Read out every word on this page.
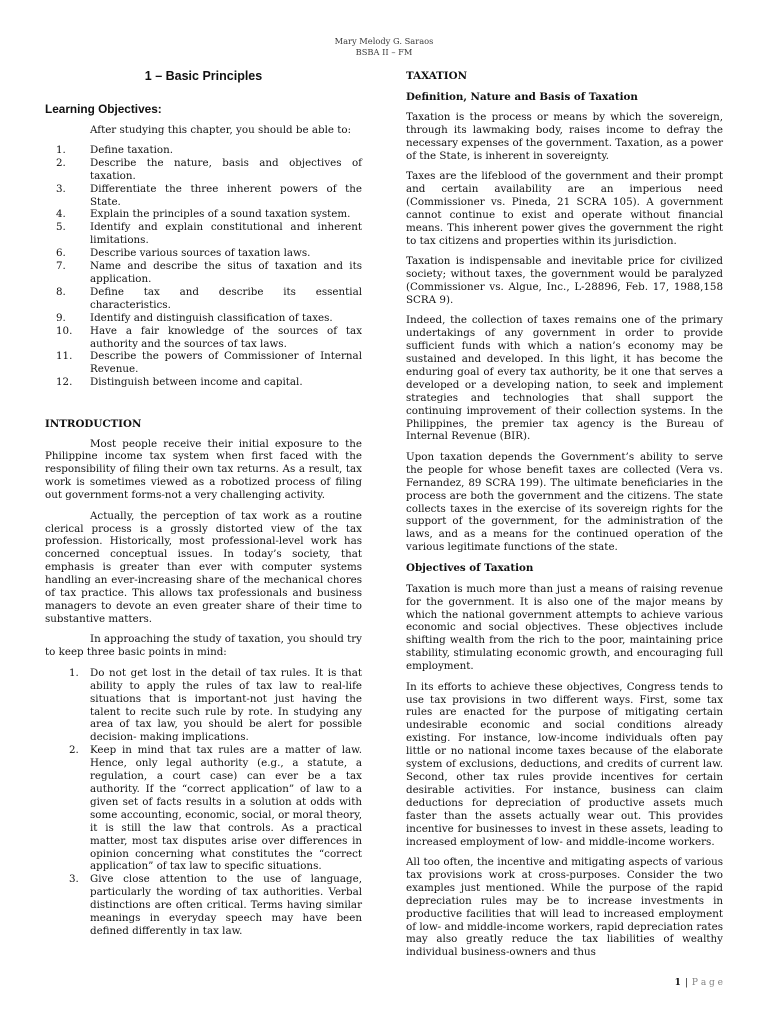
Mary Melody G. Saraos
BSBA II – FM
1 – Basic Principles
Learning Objectives:

After studying this chapter, you should be able to:

1.	Define taxation.
2.	Describe the nature, basis and objectives of taxation.
3.	Differentiate the three inherent powers of the State.
4.	Explain the principles of a sound taxation system.
5.	Identify and explain constitutional and inherent limitations.
6.	Describe various sources of taxation laws.
7.	Name and describe the situs of taxation and its application.
8.	Define tax and describe its essential characteristics.
9.	Identify and distinguish classification of taxes.
10.	Have a fair knowledge of the sources of tax authority and the sources of tax laws.
11.	Describe the powers of Commissioner of Internal Revenue.
12.	Distinguish between income and capital.
INTRODUCTION

Most people receive their initial exposure to the Philippine income tax system when first faced with the responsibility of filing their own tax returns. As a result, tax work is sometimes viewed as a robotized process of filing out government forms-not a very challenging activity.

Actually, the perception of tax work as a routine clerical process is a grossly distorted view of the tax profession. Historically, most professional-level work has concerned conceptual issues. In today’s society, that emphasis is greater than ever with computer systems handling an ever-increasing share of the mechanical chores of tax practice. This allows tax professionals and business managers to devote an even greater share of their time to substantive matters.

In approaching the study of taxation, you should try to keep three basic points in mind:

1.	Do not get lost in the detail of tax rules. It is that ability to apply the rules of tax law to real-life situations that is important-not just having the talent to recite such rule by rote. In studying any area of tax law, you should be alert for possible decision- making implications.
2.	Keep in mind that tax rules are a matter of law. Hence, only legal authority (e.g., a statute, a regulation, a court case) can ever be a tax authority. If the “correct application” of law to a given set of facts results in a solution at odds with some accounting, economic, social, or moral theory, it is still the law that controls. As a practical matter, most tax disputes arise over differences in opinion concerning what constitutes the “correct application” of tax law to specific situations.
3.	Give close attention to the use of language, particularly the wording of tax authorities. Verbal distinctions are often critical. Terms having similar meanings in everyday speech may have been defined differently in tax law.
TAXATION
Definition, Nature and Basis of Taxation

Taxation is the process or means by which the sovereign, through its lawmaking body, raises income to defray the necessary expenses of the government. Taxation, as a power of the State, is inherent in sovereignty.

Taxes are the lifeblood of the government and their prompt and certain availability are an imperious need (Commissioner vs. Pineda, 21 SCRA 105). A government cannot continue to exist and operate without financial means. This inherent power gives the government the right to tax citizens and properties within its jurisdiction.

Taxation is indispensable and inevitable price for civilized society; without taxes, the government would be paralyzed (Commissioner vs. Algue, Inc., L-28896, Feb. 17, 1988,158 SCRA 9).

Indeed, the collection of taxes remains one of the primary undertakings of any government in order to provide sufficient funds with which a nation’s economy may be sustained and developed. In this light, it has become the enduring goal of every tax authority, be it one that serves a developed or a developing nation, to seek and implement strategies and technologies that shall support the continuing improvement of their collection systems. In the Philippines, the premier tax agency is the Bureau of Internal Revenue (BIR).

Upon taxation depends the Government’s ability to serve the people for whose benefit taxes are collected (Vera vs. Fernandez, 89 SCRA 199). The ultimate beneficiaries in the process are both the government and the citizens. The state collects taxes in the exercise of its sovereign rights for the support of the government, for the administration of the laws, and as a means for the continued operation of the various legitimate functions of the state.

Objectives of Taxation

Taxation is much more than just a means of raising revenue for the government. It is also one of the major means by which the national government attempts to achieve various economic and social objectives. These objectives include shifting wealth from the rich to the poor, maintaining price stability, stimulating economic growth, and encouraging full employment.

In its efforts to achieve these objectives, Congress tends to use tax provisions in two different ways. First, some tax rules are enacted for the purpose of mitigating certain undesirable economic and social conditions already existing. For instance, low-income individuals often pay little or no national income taxes because of the elaborate system of exclusions, deductions, and credits of current law. Second, other tax rules provide incentives for certain desirable activities. For instance, business can claim deductions for depreciation of productive assets much faster than the assets actually wear out. This provides incentive for businesses to invest in these assets, leading to increased employment of low- and middle-income workers.

All too often, the incentive and mitigating aspects of various tax provisions work at cross-purposes. Consider the two examples just mentioned. While the purpose of the rapid depreciation rules may be to increase investments in productive facilities that will lead to increased employment of low- and middle-income workers, rapid depreciation rates may also greatly reduce the tax liabilities of wealthy individual business-owners and thus

1 | P a g e
